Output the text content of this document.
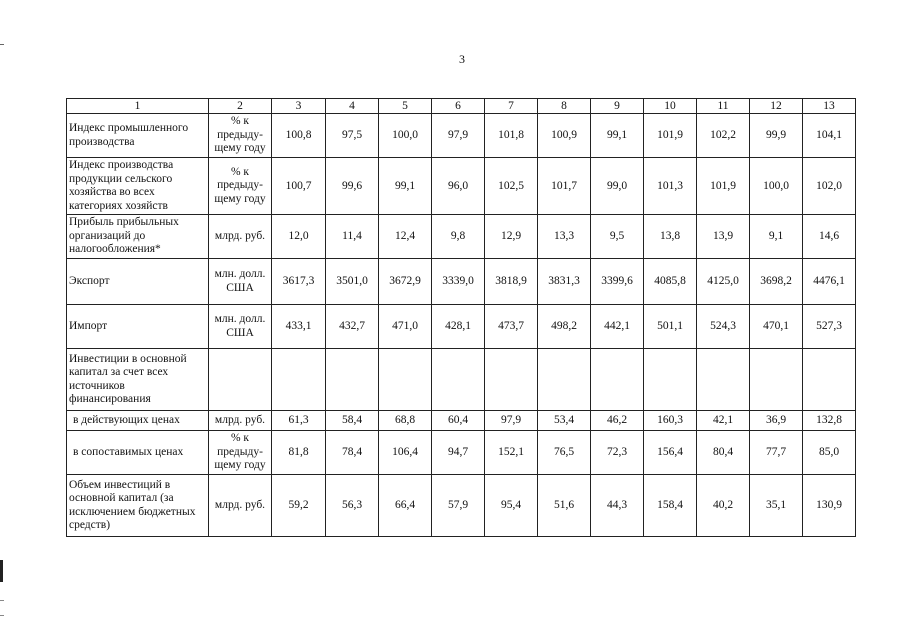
3
1	2	3	4	5	6	7	8	9	10	11	12	13
Индекс промышленного производства	% к предыду-щему году	100,8	97,5	100,0	97,9	101,8	100,9	99,1	101,9	102,2	99,9	104,1
Индекс производства продукции сельского хозяйства во всех категориях хозяйств	% к предыду-щему году	100,7	99,6	99,1	96,0	102,5	101,7	99,0	101,3	101,9	100,0	102,0
Прибыль прибыльных организаций до налогообложения*	млрд. руб.	12,0	11,4	12,4	9,8	12,9	13,3	9,5	13,8	13,9	9,1	14,6
Экспорт	млн. долл. США	3617,3	3501,0	3672,9	3339,0	3818,9	3831,3	3399,6	4085,8	4125,0	3698,2	4476,1
Импорт	млн. долл. США	433,1	432,7	471,0	428,1	473,7	498,2	442,1	501,1	524,3	470,1	527,3
Инвестиции в основной капитал за счет всех источников финансирования												
в действующих ценах	млрд. руб.	61,3	58,4	68,8	60,4	97,9	53,4	46,2	160,3	42,1	36,9	132,8
в сопоставимых ценах	% к предыду-щему году	81,8	78,4	106,4	94,7	152,1	76,5	72,3	156,4	80,4	77,7	85,0
Объем инвестиций в основной капитал (за исключением бюджетных средств)	млрд. руб.	59,2	56,3	66,4	57,9	95,4	51,6	44,3	158,4	40,2	35,1	130,9
